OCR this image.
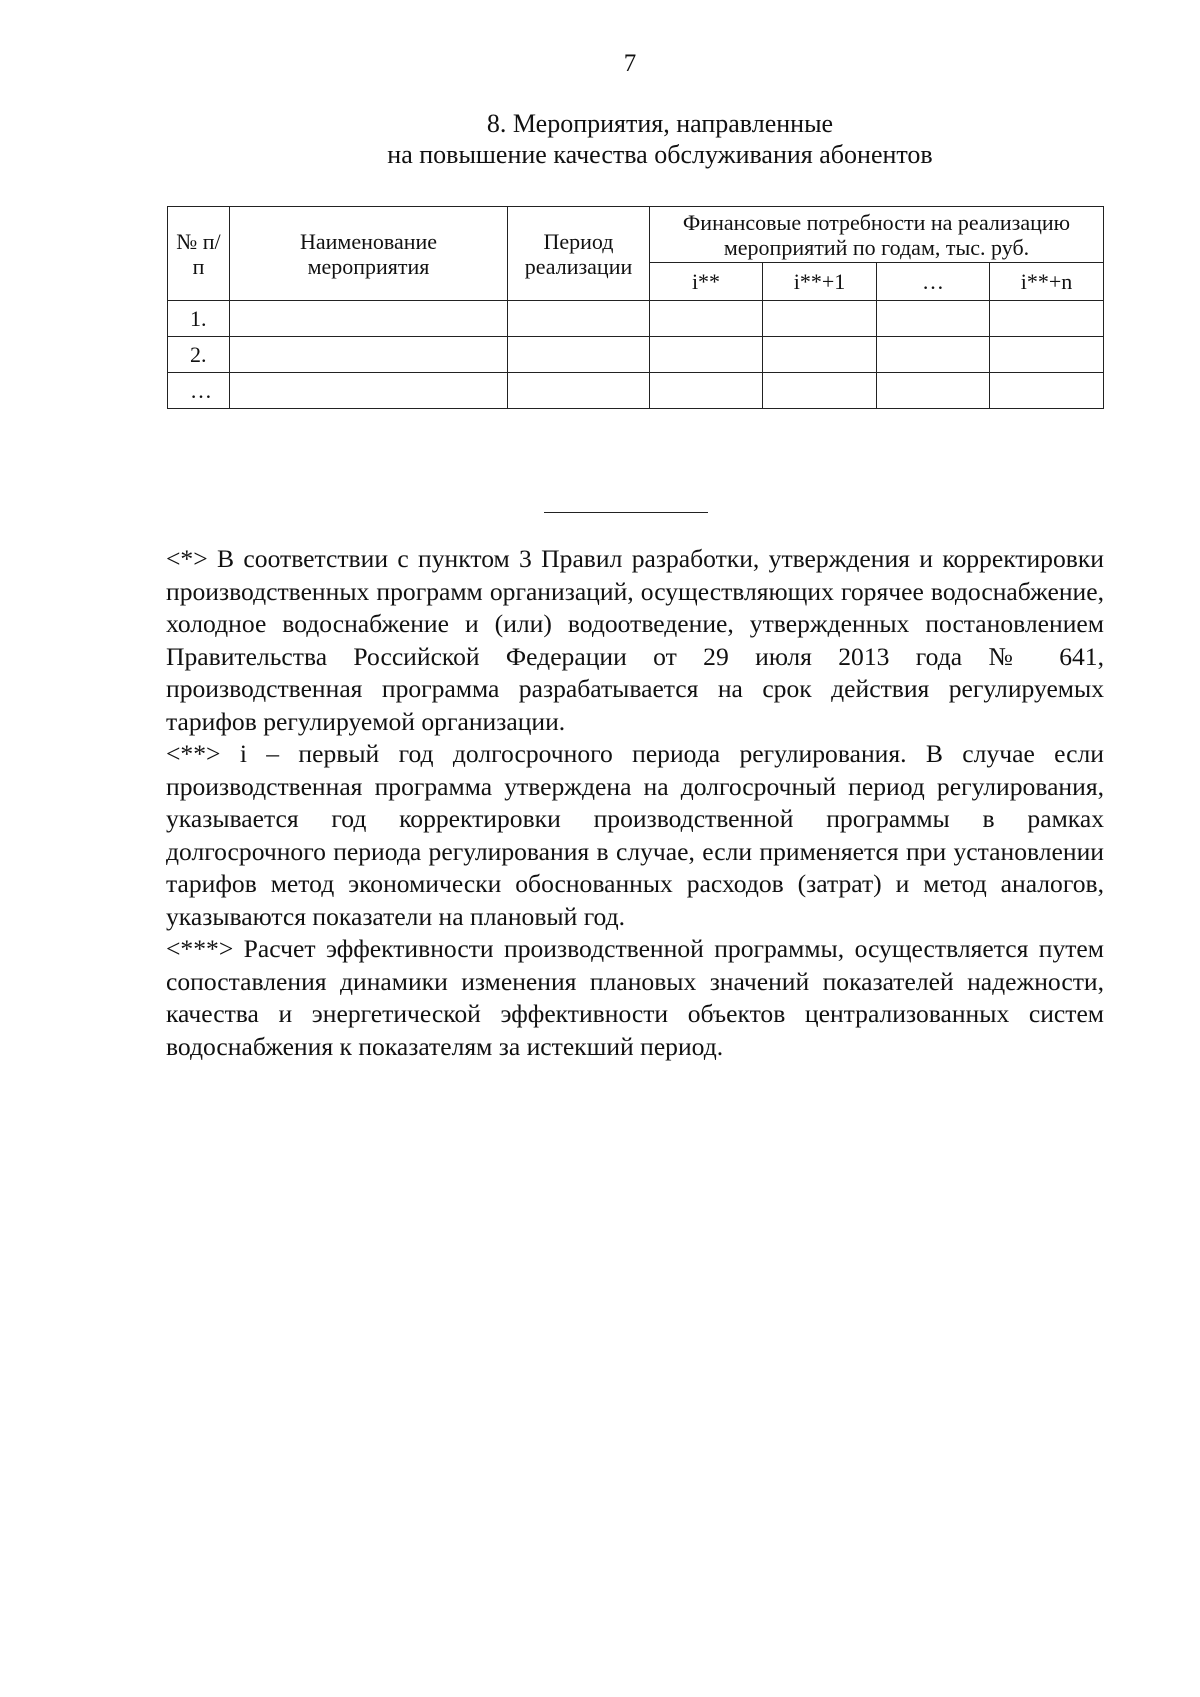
7
8. Мероприятия, направленные
на повышение качества обслуживания абонентов
№ п/п	Наименование мероприятия	Период реализации	Финансовые потребности на реализацию мероприятий по годам, тыс. руб.			
			i**	i**+1	…	i**+n
1.						
2.						
…						

<*> В соответствии с пунктом 3 Правил разработки, утверждения и корректировки производственных программ организаций, осуществляющих горячее водоснабжение, холодное водоснабжение и (или) водоотведение, утвержденных постановлением Правительства Российской Федерации от 29 июля 2013 года № 641, производственная программа разрабатывается на срок действия регулируемых тарифов регулируемой организации.

<**> i – первый год долгосрочного периода регулирования. В случае если производственная программа утверждена на долгосрочный период регулирования, указывается год корректировки производственной программы в рамках долгосрочного периода регулирования в случае, если применяется при установлении тарифов метод экономически обоснованных расходов (затрат) и метод аналогов, указываются показатели на плановый год.

<***> Расчет эффективности производственной программы, осуществляется путем сопоставления динамики изменения плановых значений показателей надежности, качества и энергетической эффективности объектов централизованных систем водоснабжения к показателям за истекший период.
